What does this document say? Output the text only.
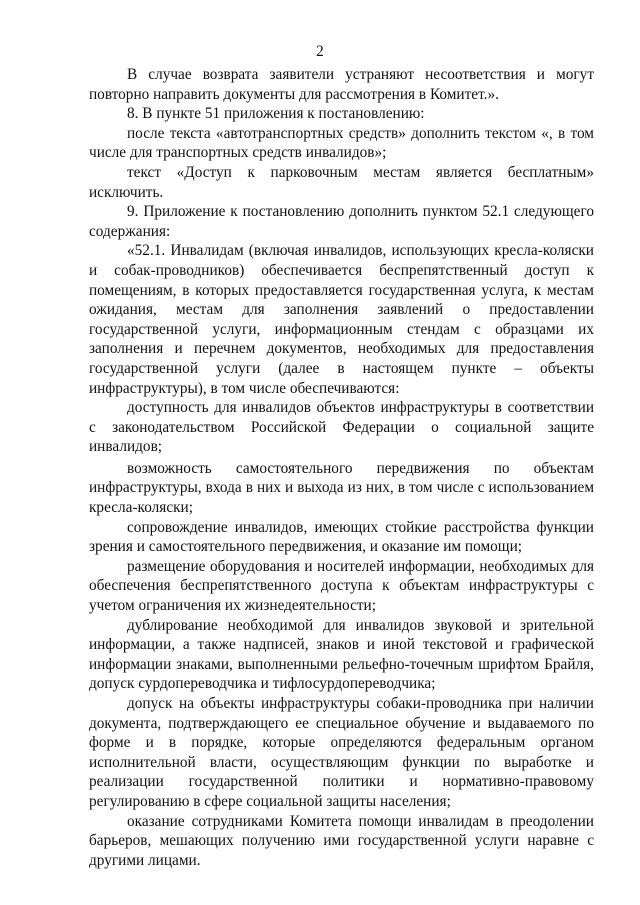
2

В случае возврата заявители устраняют несоответствия и могут повторно направить документы для рассмотрения в Комитет.».

8. В пункте 51 приложения к постановлению:

после текста «автотранспортных средств» дополнить текстом «, в том числе для транспортных средств инвалидов»;

текст «Доступ к парковочным местам является бесплатным» исключить.

9. Приложение к постановлению дополнить пунктом 52.1 следующего содержания:

«52.1. Инвалидам (включая инвалидов, использующих кресла-коляски и собак-проводников) обеспечивается беспрепятственный доступ к помещениям, в которых предоставляется государственная услуга, к местам ожидания, местам для заполнения заявлений о предоставлении государственной услуги, информационным стендам с образцами их заполнения и перечнем документов, необходимых для предоставления государственной услуги (далее в настоящем пункте – объекты инфраструктуры), в том числе обеспечиваются:

доступность для инвалидов объектов инфраструктуры в соответствии с законодательством Российской Федерации о социальной защите инвалидов;

возможность самостоятельного передвижения по объектам инфраструктуры, входа в них и выхода из них, в том числе с использованием кресла-коляски;

сопровождение инвалидов, имеющих стойкие расстройства функции зрения и самостоятельного передвижения, и оказание им помощи;

размещение оборудования и носителей информации, необходимых для обеспечения беспрепятственного доступа к объектам инфраструктуры с учетом ограничения их жизнедеятельности;

дублирование необходимой для инвалидов звуковой и зрительной информации, а также надписей, знаков и иной текстовой и графической информации знаками, выполненными рельефно-точечным шрифтом Брайля, допуск сурдопереводчика и тифлосурдопереводчика;

допуск на объекты инфраструктуры собаки-проводника при наличии документа, подтверждающего ее специальное обучение и выдаваемого по форме и в порядке, которые определяются федеральным органом исполнительной власти, осуществляющим функции по выработке и реализации государственной политики и нормативно-правовому регулированию в сфере социальной защиты населения;

оказание сотрудниками Комитета помощи инвалидам в преодолении барьеров, мешающих получению ими государственной услуги наравне с другими лицами.
